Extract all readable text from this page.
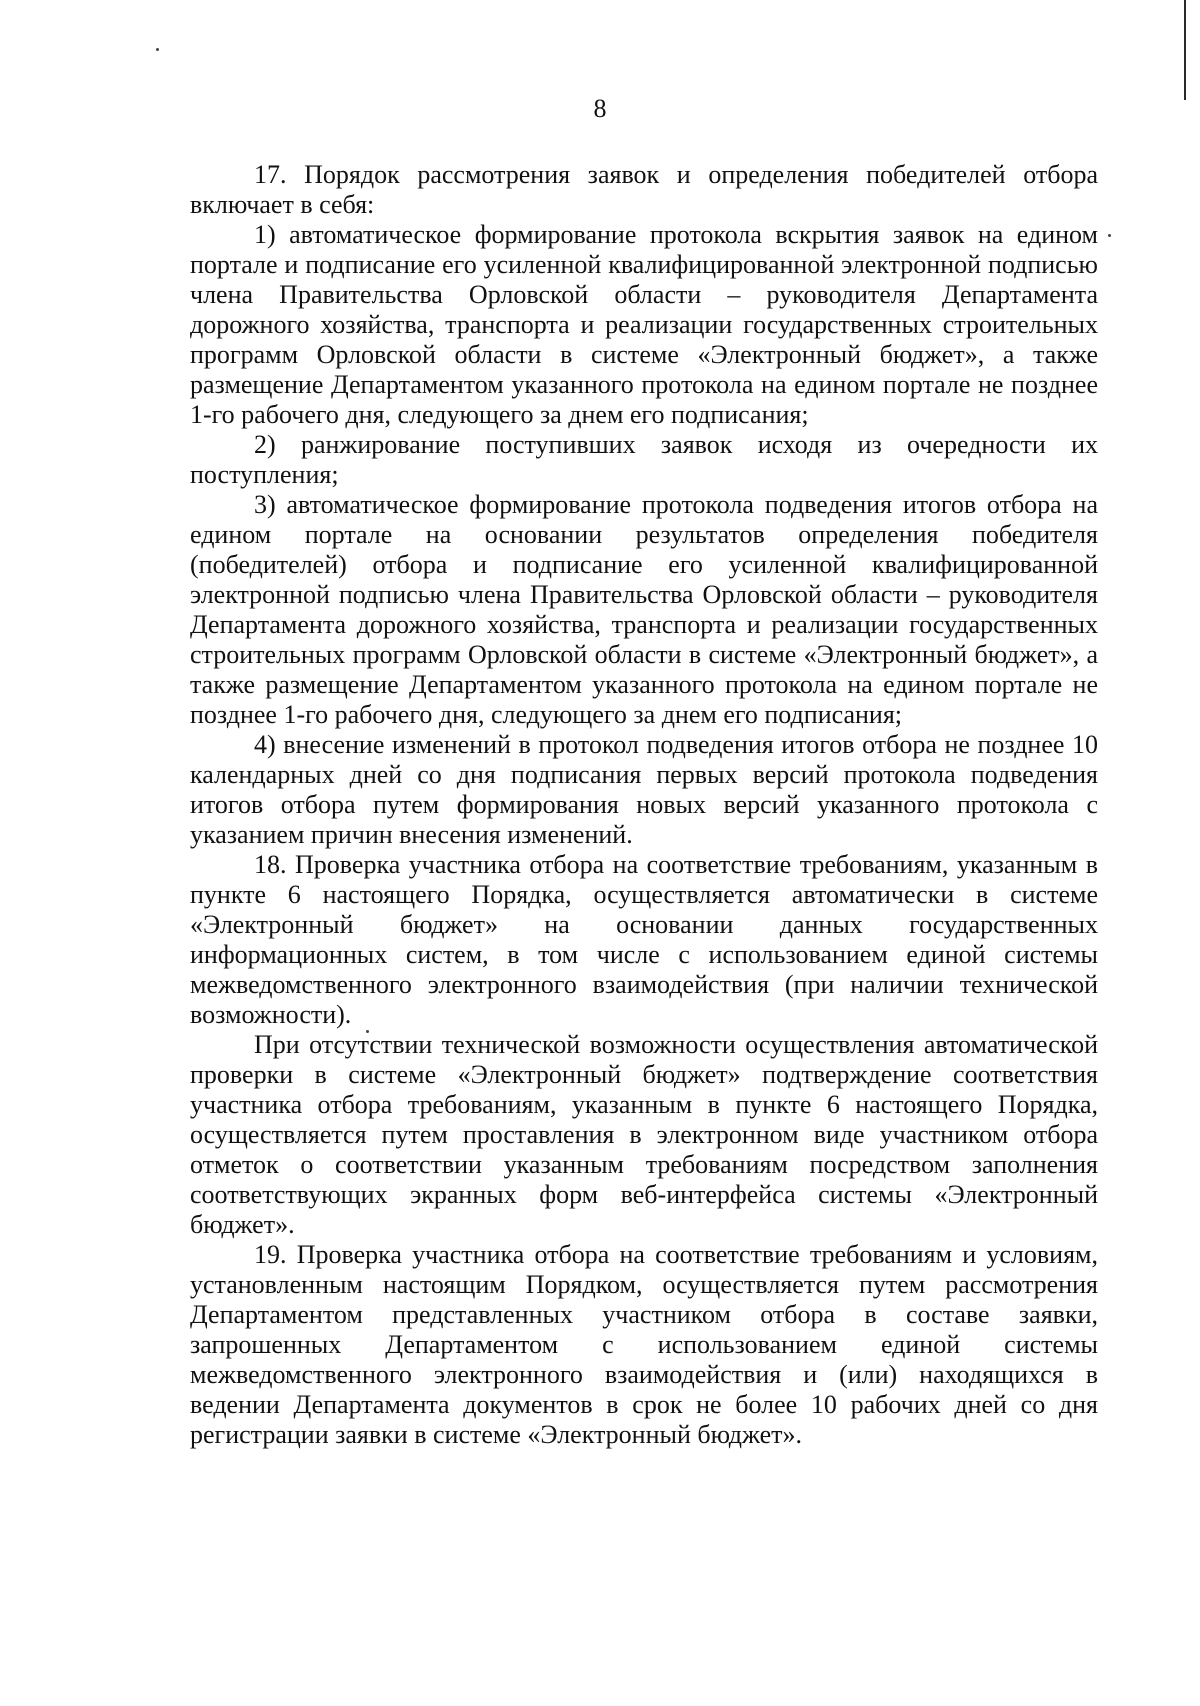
8

17. Порядок рассмотрения заявок и определения победителей отбора включает в себя:

1) автоматическое формирование протокола вскрытия заявок на едином портале и подписание его усиленной квалифицированной электронной подписью члена Правительства Орловской области – руководителя Департамента дорожного хозяйства, транспорта и реализации государственных строительных программ Орловской области в системе «Электронный бюджет», а также размещение Департаментом указанного протокола на едином портале не позднее 1-го рабочего дня, следующего за днем его подписания;

2) ранжирование поступивших заявок исходя из очередности их поступления;

3) автоматическое формирование протокола подведения итогов отбора на едином портале на основании результатов определения победителя (победителей) отбора и подписание его усиленной квалифицированной электронной подписью члена Правительства Орловской области – руководителя Департамента дорожного хозяйства, транспорта и реализации государственных строительных программ Орловской области в системе «Электронный бюджет», а также размещение Департаментом указанного протокола на едином портале не позднее 1-го рабочего дня, следующего за днем его подписания;

4) внесение изменений в протокол подведения итогов отбора не позднее 10 календарных дней со дня подписания первых версий протокола подведения итогов отбора путем формирования новых версий указанного протокола с указанием причин внесения изменений.

18. Проверка участника отбора на соответствие требованиям, указанным в пункте 6 настоящего Порядка, осуществляется автоматически в системе «Электронный бюджет» на основании данных государственных информационных систем, в том числе с использованием единой системы межведомственного электронного взаимодействия (при наличии технической возможности).

При отсутствии технической возможности осуществления автоматической проверки в системе «Электронный бюджет» подтверждение соответствия участника отбора требованиям, указанным в пункте 6 настоящего Порядка, осуществляется путем проставления в электронном виде участником отбора отметок о соответствии указанным требованиям посредством заполнения соответствующих экранных форм веб-интерфейса системы «Электронный бюджет».

19. Проверка участника отбора на соответствие требованиям и условиям, установленным настоящим Порядком, осуществляется путем рассмотрения Департаментом представленных участником отбора в составе заявки, запрошенных Департаментом с использованием единой системы межведомственного электронного взаимодействия и (или) находящихся в ведении Департамента документов в срок не более 10 рабочих дней со дня регистрации заявки в системе «Электронный бюджет».
